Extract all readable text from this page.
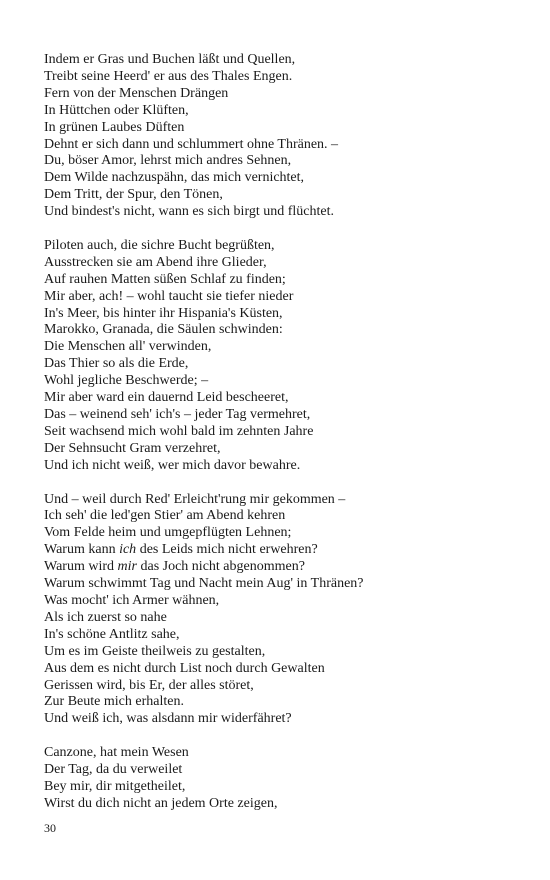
Indem er Gras und Buchen läßt und Quellen,
Treibt seine Heerd' er aus des Thales Engen.
Fern von der Menschen Drängen
In Hüttchen oder Klüften,
In grünen Laubes Düften
Dehnt er sich dann und schlummert ohne Thränen. –
Du, böser Amor, lehrst mich andres Sehnen,
Dem Wilde nachzuspähn, das mich vernichtet,
Dem Tritt, der Spur, den Tönen,
Und bindest's nicht, wann es sich birgt und flüchtet.
Piloten auch, die sichre Bucht begrüßten,
Ausstrecken sie am Abend ihre Glieder,
Auf rauhen Matten süßen Schlaf zu finden;
Mir aber, ach! – wohl taucht sie tiefer nieder
In's Meer, bis hinter ihr Hispania's Küsten,
Marokko, Granada, die Säulen schwinden:
Die Menschen all' verwinden,
Das Thier so als die Erde,
Wohl jegliche Beschwerde; –
Mir aber ward ein dauernd Leid bescheeret,
Das – weinend seh' ich's – jeder Tag vermehret,
Seit wachsend mich wohl bald im zehnten Jahre
Der Sehnsucht Gram verzehret,
Und ich nicht weiß, wer mich davor bewahre.
Und – weil durch Red' Erleicht'rung mir gekommen –
Ich seh' die led'gen Stier' am Abend kehren
Vom Felde heim und umgepflügten Lehnen;
Warum kann ich des Leids mich nicht erwehren?
Warum wird mir das Joch nicht abgenommen?
Warum schwimmt Tag und Nacht mein Aug' in Thränen?
Was mocht' ich Armer wähnen,
Als ich zuerst so nahe
In's schöne Antlitz sahe,
Um es im Geiste theilweis zu gestalten,
Aus dem es nicht durch List noch durch Gewalten
Gerissen wird, bis Er, der alles störet,
Zur Beute mich erhalten.
Und weiß ich, was alsdann mir widerfähret?
Canzone, hat mein Wesen
Der Tag, da du verweilet
Bey mir, dir mitgetheilet,
Wirst du dich nicht an jedem Orte zeigen,
30
